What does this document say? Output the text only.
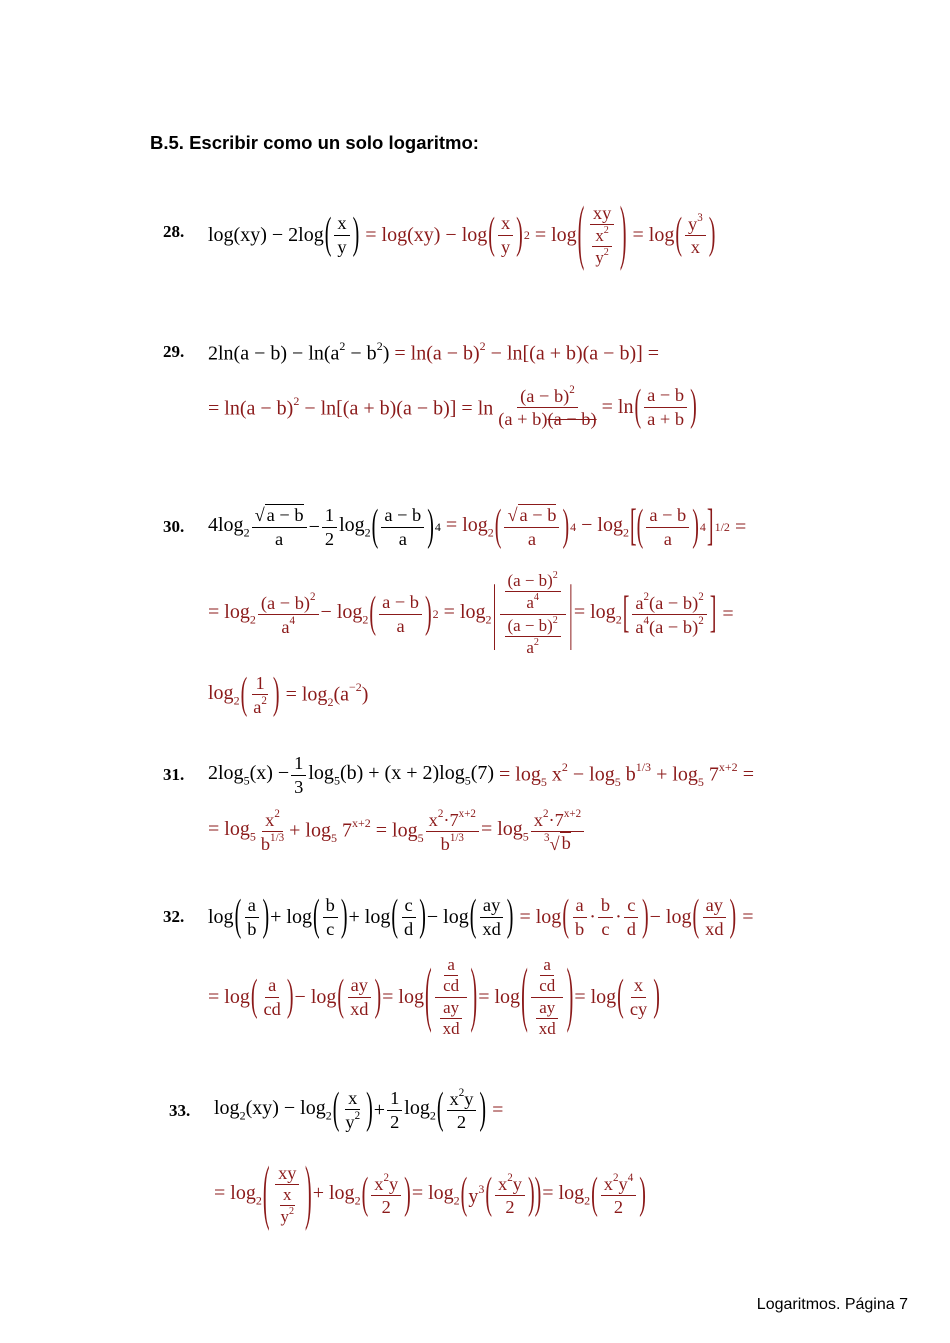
B.5. Escribir como un solo logaritmo:
28. log(xy) − 2log ( $\frac{x}{y}$ ) = log(xy) − log ( $\frac{x}{y}$ ) 2 = log ( $\frac{xy}{\frac{x^2}{y^2}}$ ) = log ( $\frac{y^3}{x}$ )
29. $2\ln(a - b) - \ln(a^2 - b^2) = \ln(a - b)^2 - \ln[(a + b)(a - b)]$ =
= $\ln(a - b)^2 - \ln[(a + b)(a - b)] = \ln \frac{(a - b)^2}{(a + b)(a - b)} = \ln$ ( $\frac{a - b}{a + b}$ )
30. $4\log_2 \frac{√ a - b}{a} - \frac{1}{2} \log_2$ ( $\frac{a - b}{a}$ ) $4 = \log_2$ ( $\frac{√ a - b}{a}$ ) $4 - \log_2$ [( $\frac{a - b}{a}$ ) 4 ] 1/2 =
= $\log_2 \frac{(a - b)^2}{a^4} - \log_2$ ( $\frac{a - b}{a}$ ) $2 = \log_2$ | $\frac{\frac{(a - b)^2}{a^4}}{\frac{(a - b)^2}{a^2}}$ | = $\log_2$ [ $\frac{a^2(a - b)^2}{a^4(a - b)^2}$ ] =
$\log_2$ ( $\frac{1}{a^2}$ ) = $\log_2(a^{-2})$
31. $2\log_5(x) - \frac{1}{3} \log_5(b) + (x + 2)\log_5(7) = \log_5 x^2 - \log_5 b^{1/3} + \log_5 7^{x+2}$ =
= $\log_5 \frac{x^2}{b^{1/3}} + \log_5 7^{x+2} = \log_5 \frac{x^2\cdot 7^{x+2}}{b^{1/3}} = \log_5 \frac{x^2\cdot 7^{x+2}}{^3√ b}$
32. log ( $\frac{a}{b}$ ) + log ( $\frac{b}{c}$ ) + log ( $\frac{c}{d}$ ) − log ( $\frac{ay}{xd}$ ) = log ( $\frac{a}{b} \cdot \frac{b}{c} \cdot \frac{c}{d}$ ) − log ( $\frac{ay}{xd}$ ) =
= log ( $\frac{a}{cd}$ ) − log ( $\frac{ay}{xd}$ ) = log ( $\frac{\frac{a}{cd}}{\frac{ay}{xd}}$ ) = log ( $\frac{\frac{a}{cd}}{\frac{ay}{xd}}$ ) = log ( $\frac{x}{cy}$ )
33. $\log_2(xy) - \log_2$ ( $\frac{x}{y^2}$ ) + $\frac{1}{2} \log_2$ ( $\frac{x^2y}{2}$ ) =
= $\log_2$ ( $\frac{xy}{\frac{x}{y^2}}$ ) + $\log_2$ ( $\frac{x^2y}{2}$ ) = $\log_2$ ( $y^3$ ( $\frac{x^2y}{2}$ )) = $\log_2$ ( $\frac{x^2y^4}{2}$ )
Logaritmos. Página 7
